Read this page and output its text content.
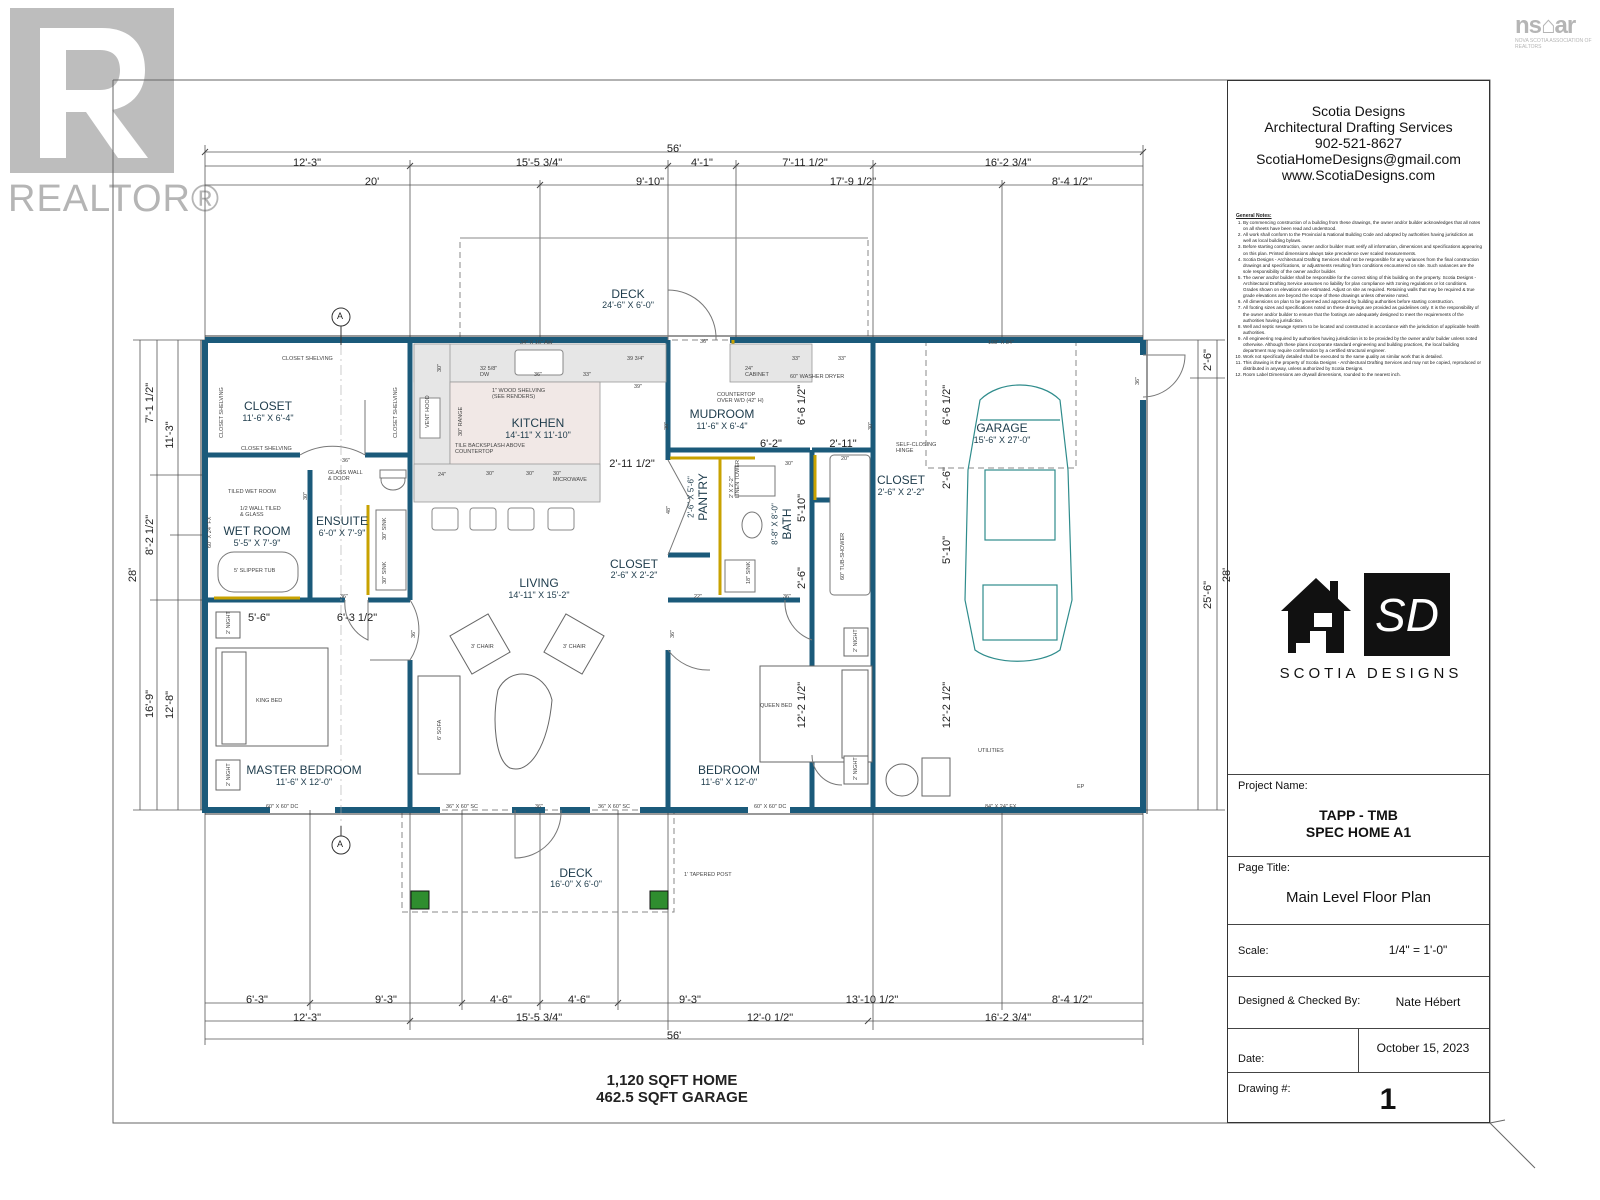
REALTOR®
ns⌂ar
NOVA SCOTIA ASSOCIATION OF REALTORS
56'
12'-3"	15'-5 3/4"	4'-1"	7'-11 1/2"	16'-2 3/4"
20'	9'-10"	17'-9 1/2"	8'-4 1/2"
6'-3"	9'-3"	4'-6"	4'-6"	9'-3"	13'-10 1/2"	8'-4 1/2"
12'-3"	15'-5 3/4"	12'-0 1/2"	16'-2 3/4"
56'
28'
7'-1 1/2"
8'-2 1/2"
16'-9"
11'-3"
12'-8"
28'
2'-6"
25'-6"
5'-6"	6'-3 1/2"
2'-11 1/2"
6'-2"	2'-11"
6'-6 1/2"
5'-10"
2'-6"
12'-2 1/2"
6'-6 1/2"
2'-6"
5'-10"
12'-2 1/2"
CLOSET
11'-6" X 6'-4"
WET ROOM
5'-5" X 7'-9"
ENSUITE
6'-0" X 7'-9"
KITCHEN
14'-11" X 11'-10"
MUDROOM
11'-6" X 6'-4"
PANTRY
2'-6" X 5'-6"
BATH
8'-8" X 8'-0"
CLOSET
2'-6" X 2'-2"
CLOSET
2'-6" X 2'-2"
LIVING
14'-11" X 15'-2"
MASTER BEDROOM
11'-6" X 12'-0"
BEDROOM
11'-6" X 12'-0"
GARAGE
15'-6" X 27'-0"
DECK
24'-6" X 6'-0"
DECK
16'-0" X 6'-0"
CLOSET SHELVING
CLOSET SHELVING
CLOSET SHELVING	CLOSET SHELVING
TILED WET ROOM
1/2 WALL TILED & GLASS
GLASS WALL & DOOR
5' SLIPPER TUB
60" X 24" FX
34" X 16" AW
32 5/8" DW
1" WOOD SHELVING (SEE RENDERS)
TILE BACKSPLASH ABOVE COUNTERTOP
VENT HOOD	30" RANGE
30" MICROWAVE
24" CABINET	60" WASHER DRYER
COUNTERTOP OVER W/D (42" H)
SELF-CLOSING HINGE
2' X 2'-2" LINEN TOWER
60" TUB-SHOWER
18" SINK
30" SINK
30" SINK
3' CHAIR	3' CHAIR
6' SOFA
KING BED
QUEEN BED
2' NIGHT
2' NIGHT
2' NIGHT
2' NIGHT
UTILITIES
EP
1' TAPERED POST
108" X 84"
60" X 60" DC	36" X 60" SC	36" X 60" SC	60" X 60" DC	84" X 24" FX
36"
36"
36"
36"	36"
36"
36"
36"
30"
30"	30"
30"
22"
20"
48"
24"
33"	33"
33"
39 3/4"
39"
36"
30"
30"	30"
A
A
1,120 SQFT HOME
462.5 SQFT GARAGE
Scotia Designs
Architectural Drafting Services
902-521-8627
ScotiaHomeDesigns@gmail.com
www.ScotiaDesigns.com
General Notes:
1. By commencing construction of a building from these drawings, the owner and/or builder acknowledges that all notes on all sheets have been read and understood.
2. All work shall conform to the Provincial & National Building Code and adopted by authorities having jurisdiction as well as local building bylaws.
3. Before starting construction, owner and/or builder must verify all information, dimensions and specifications appearing on this plan. Printed dimensions always take precedence over scaled measurements.
4. Scotia Designs - Architectural Drafting Services shall not be responsible for any variances from the final construction drawings and specifications, or adjustments resulting from conditions encountered on site. Such variances are the sole responsibility of the owner and/or builder.
5. The owner and/or builder shall be responsible for the correct siting of this building on the property. Scotia Designs - Architectural Drafting Service assumes no liability for plan compliance with zoning regulations or lot conditions. Grades shown on elevations are estimated. Adjust on site as required. Retaining walls that may be required & true grade elevations are beyond the scope of these drawings unless otherwise noted.
6. All dimensions on plan to be governed and approved by building authorities before starting construction.
7. All footing sizes and specifications noted on these drawings are provided as guidelines only. It is the responsibility of the owner and/or builder to ensure that the footings are adequately designed to meet the requirements of the authorities having jurisdiction.
8. Well and septic sewage system to be located and constructed in accordance with the jurisdiction of applicable health authorities.
9. All engineering required by authorities having jurisdiction is to be provided by the owner and/or builder unless noted otherwise. Although these plans incorporate standard engineering and building practices, the local building department may require confirmation by a certified structural engineer.
10. Work not specifically detailed shall be executed to the same quality as similar work that is detailed.
11. This drawing is the property of Scotia Designs - Architectural Drafting Services and may not be copied, reproduced or distributed in anyway, unless authorized by Scotia Designs.
12. Room Label Dimensions are drywall dimensions, rounded to the nearest inch.
SD
SCOTIA DESIGNS
Project Name:
TAPP - TMB
SPEC HOME A1
Page Title:
Main Level Floor Plan
Scale:	1/4" = 1'-0"
Designed & Checked By:	Nate Hébert
Date:
October 15, 2023
Drawing #:	1
